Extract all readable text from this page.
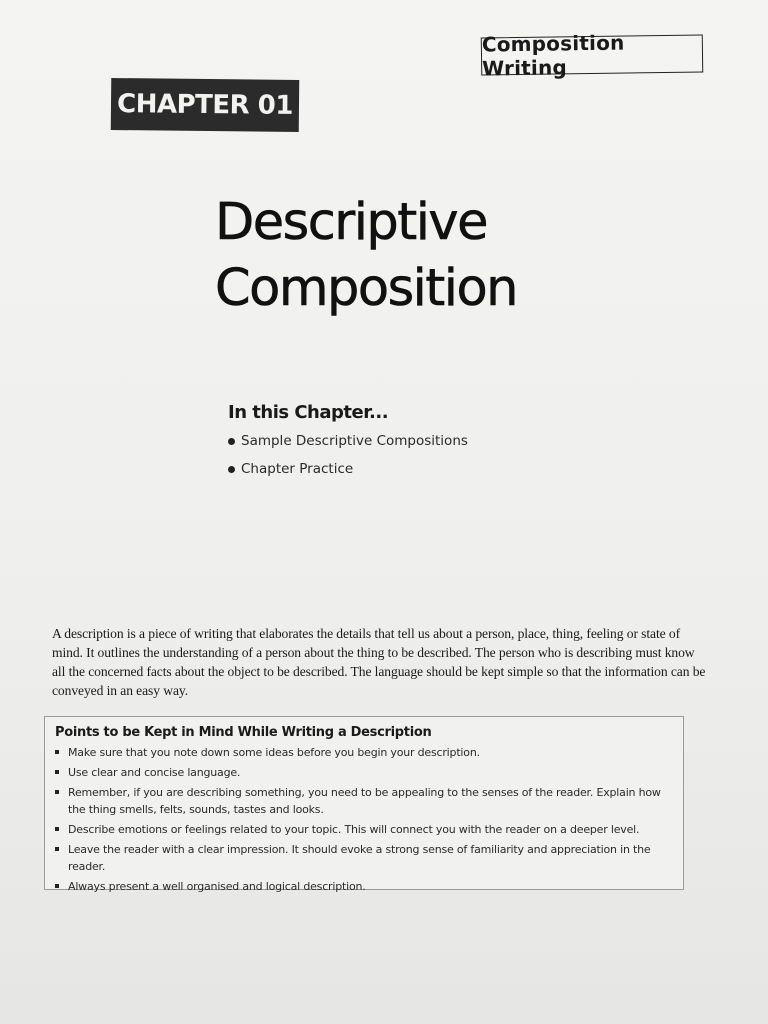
Composition Writing
CHAPTER 01
Descriptive
Composition
In this Chapter...
Sample Descriptive Compositions
Chapter Practice

A description is a piece of writing that elaborates the details that tell us about a person, place, thing, feeling or state of mind. It outlines the understanding of a person about the thing to be described. The person who is describing must know all the concerned facts about the object to be described. The language should be kept simple so that the information can be conveyed in an easy way.

Points to be Kept in Mind While Writing a Description
Make sure that you note down some ideas before you begin your description.
Use clear and concise language.
Remember, if you are describing something, you need to be appealing to the senses of the reader. Explain how the thing smells, felts, sounds, tastes and looks.
Describe emotions or feelings related to your topic. This will connect you with the reader on a deeper level.
Leave the reader with a clear impression. It should evoke a strong sense of familiarity and appreciation in the reader.
Always present a well organised and logical description.
